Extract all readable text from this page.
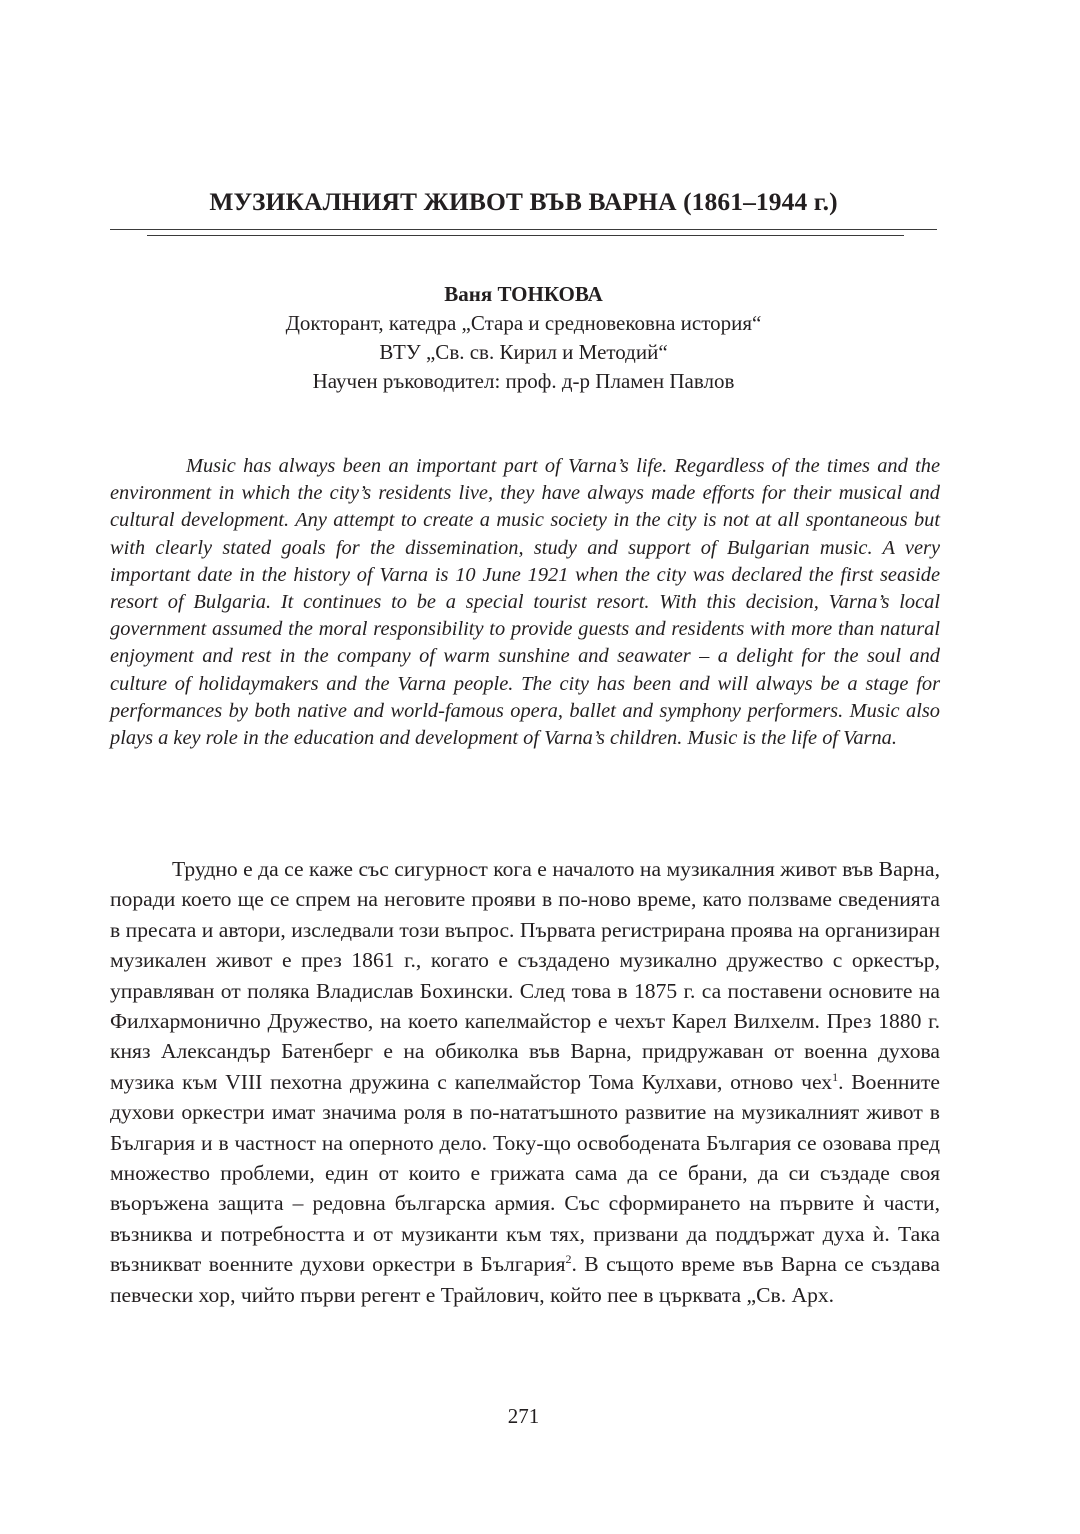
МУЗИКАЛНИЯТ ЖИВОТ ВЪВ ВАРНА (1861–1944 г.)
Ваня ТОНКОВА
Докторант, катедра „Стара и средновековна история“
ВТУ „Св. св. Кирил и Методий“
Научен ръководител: проф. д-р Пламен Павлов

Music has always been an important part of Varna’s life. Regardless of the times and the environment in which the city’s residents live, they have always made efforts for their musical and cultural development. Any attempt to create a music society in the city is not at all spontaneous but with clearly stated goals for the dissemination, study and support of Bulgarian music. A very important date in the history of Varna is 10 June 1921 when the city was declared the first seaside resort of Bulgaria. It continues to be a special tourist resort. With this decision, Varna’s local government assumed the moral responsibility to provide guests and residents with more than natural enjoyment and rest in the company of warm sunshine and seawater – a delight for the soul and culture of holidaymakers and the Varna people. The city has been and will always be a stage for performances by both native and world-famous opera, ballet and symphony performers. Music also plays a key role in the education and development of Varna’s children. Music is the life of Varna.

Трудно е да се каже със сигурност кога е началото на музикалния живот във Варна, поради което ще се спрем на неговите прояви в по-ново време, като ползваме сведенията в пресата и автори, изследвали този въпрос. Първата регистрирана проява на организиран музикален живот е през 1861 г., когато е създадено музикално дружество с оркестър, управляван от поляка Владислав Бохински. След това в 1875 г. са поставени основите на Филхармонично Дружество, на което капелмайстор е чехът Карел Вилхелм. През 1880 г. княз Александър Батенберг е на обиколка във Варна, придружаван от военна духова музика към VIII пехотна дружина с капелмайстор Тома Кулхави, отново чех$^1$. Военните духови оркестри имат значима роля в по-нататъшното развитие на музикалният живот в България и в частност на оперното дело. Току-що освободената България се озовава пред множество проблеми, един от които е грижата сама да се брани, да си създаде своя въоръжена защита – редовна българска армия. Със сформирането на първите ѝ части, възниква и потребността и от музиканти към тях, призвани да поддържат духа ѝ. Така възникват военните духови оркестри в България$^2$. В същото време във Варна се създава певчески хор, чийто първи регент е Трайлович, който пее в църквата „Св. Арх.

271
